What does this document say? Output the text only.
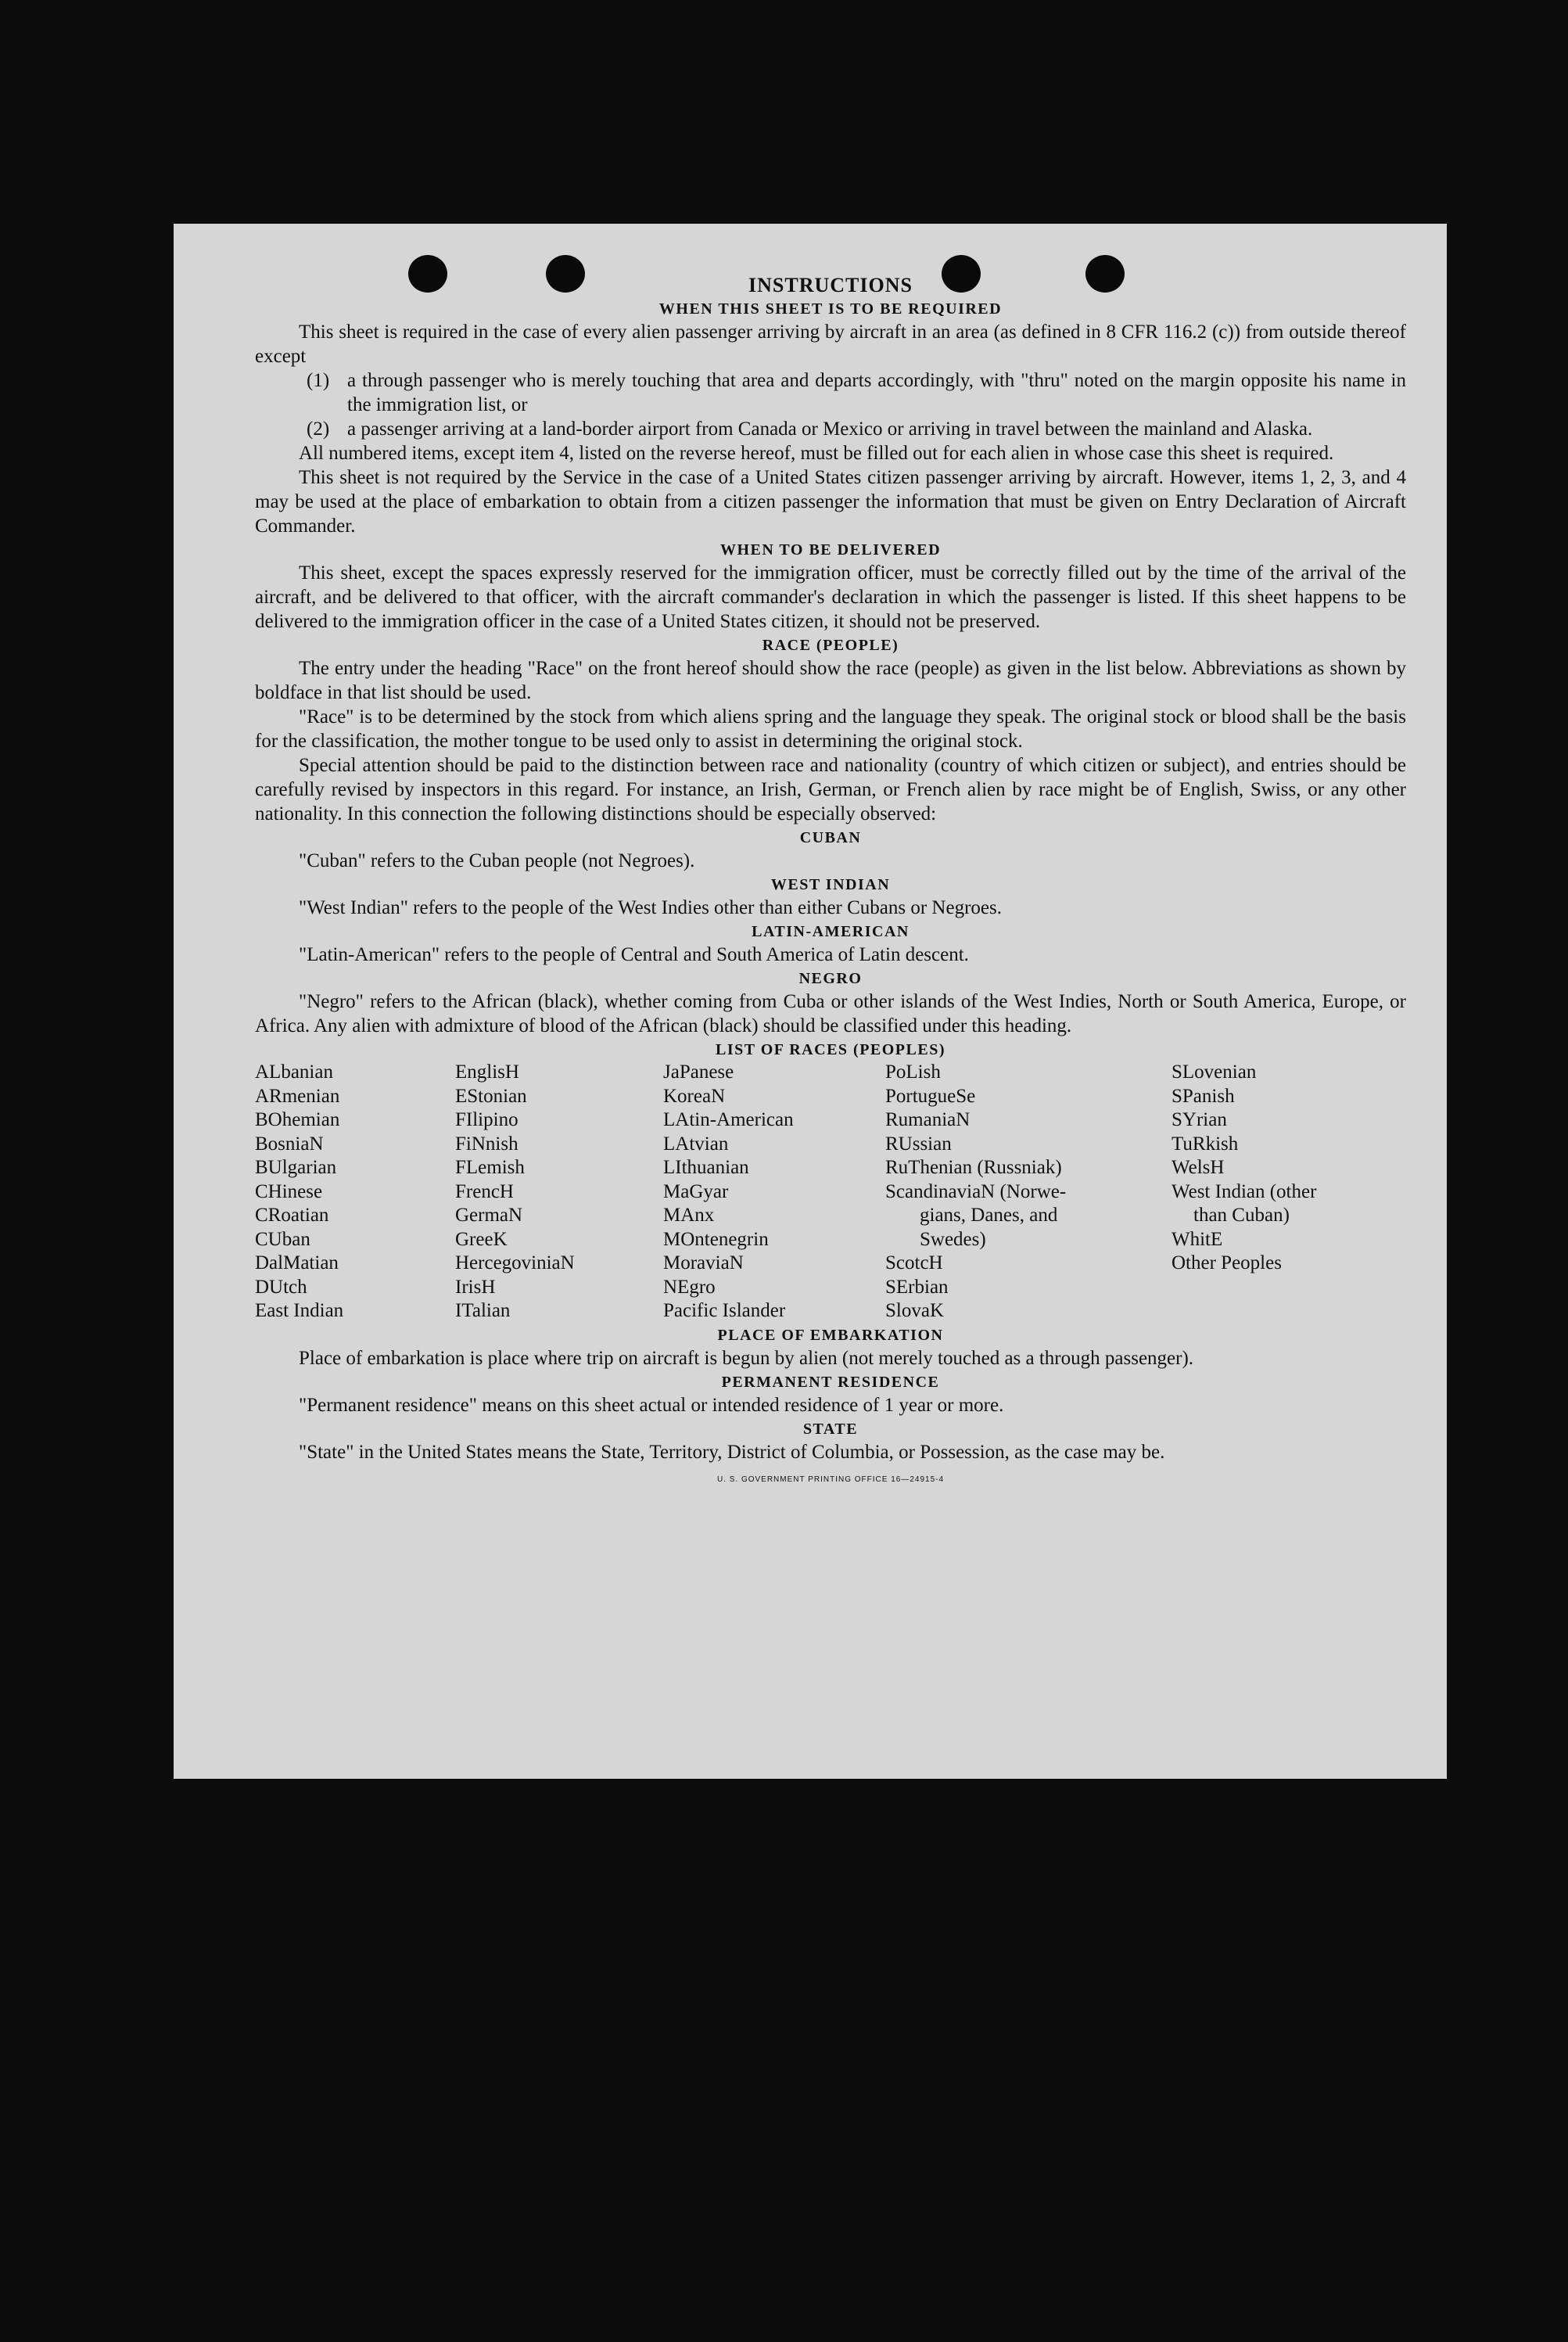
INSTRUCTIONS
WHEN THIS SHEET IS TO BE REQUIRED

This sheet is required in the case of every alien passenger arriving by aircraft in an area (as defined in 8 CFR 116.2 (c)) from outside thereof except

(1) a through passenger who is merely touching that area and departs accordingly, with "thru" noted on the margin opposite his name in the immigration list, or
(2) a passenger arriving at a land-border airport from Canada or Mexico or arriving in travel between the mainland and Alaska.

All numbered items, except item 4, listed on the reverse hereof, must be filled out for each alien in whose case this sheet is required.

This sheet is not required by the Service in the case of a United States citizen passenger arriving by aircraft. However, items 1, 2, 3, and 4 may be used at the place of embarkation to obtain from a citizen passenger the information that must be given on Entry Declaration of Aircraft Commander.

WHEN TO BE DELIVERED

This sheet, except the spaces expressly reserved for the immigration officer, must be correctly filled out by the time of the arrival of the aircraft, and be delivered to that officer, with the aircraft commander's declaration in which the passenger is listed. If this sheet happens to be delivered to the immigration officer in the case of a United States citizen, it should not be preserved.

RACE (PEOPLE)

The entry under the heading "Race" on the front hereof should show the race (people) as given in the list below. Abbreviations as shown by boldface in that list should be used.

"Race" is to be determined by the stock from which aliens spring and the language they speak. The original stock or blood shall be the basis for the classification, the mother tongue to be used only to assist in determining the original stock.

Special attention should be paid to the distinction between race and nationality (country of which citizen or subject), and entries should be carefully revised by inspectors in this regard. For instance, an Irish, German, or French alien by race might be of English, Swiss, or any other nationality. In this connection the following distinctions should be especially observed:

CUBAN

"Cuban" refers to the Cuban people (not Negroes).

WEST INDIAN

"West Indian" refers to the people of the West Indies other than either Cubans or Negroes.

LATIN-AMERICAN

"Latin-American" refers to the people of Central and South America of Latin descent.

NEGRO

"Negro" refers to the African (black), whether coming from Cuba or other islands of the West Indies, North or South America, Europe, or Africa. Any alien with admixture of blood of the African (black) should be classified under this heading.

LIST OF RACES (PEOPLES)
ALbanian
ARmenian
BOhemian
BosniaN
BUlgarian
CHinese
CRoatian
CUban
DalMatian
DUtch
East Indian
EnglisH
EStonian
FIlipino
FiNnish
FLemish
FrencH
GermaN
GreeK
HercegoviniaN
IrisH
ITalian
JaPanese
KoreaN
LAtin-American
LAtvian
LIthuanian
MaGyar
MAnx
MOntenegrin
MoraviaN
NEgro
Pacific Islander
PoLish
PortugueSe
RumaniaN
RUssian
RuThenian (Russniak)
ScandinaviaN (Norwe-
gians, Danes, and
Swedes)
ScotcH
SErbian
SlovaK
SLovenian
SPanish
SYrian
TuRkish
WelsH
West Indian (other
than Cuban)
WhitE
Other Peoples
PLACE OF EMBARKATION

Place of embarkation is place where trip on aircraft is begun by alien (not merely touched as a through passenger).

PERMANENT RESIDENCE

"Permanent residence" means on this sheet actual or intended residence of 1 year or more.

STATE

"State" in the United States means the State, Territory, District of Columbia, or Possession, as the case may be.

U. S. GOVERNMENT PRINTING OFFICE 16—24915-4
